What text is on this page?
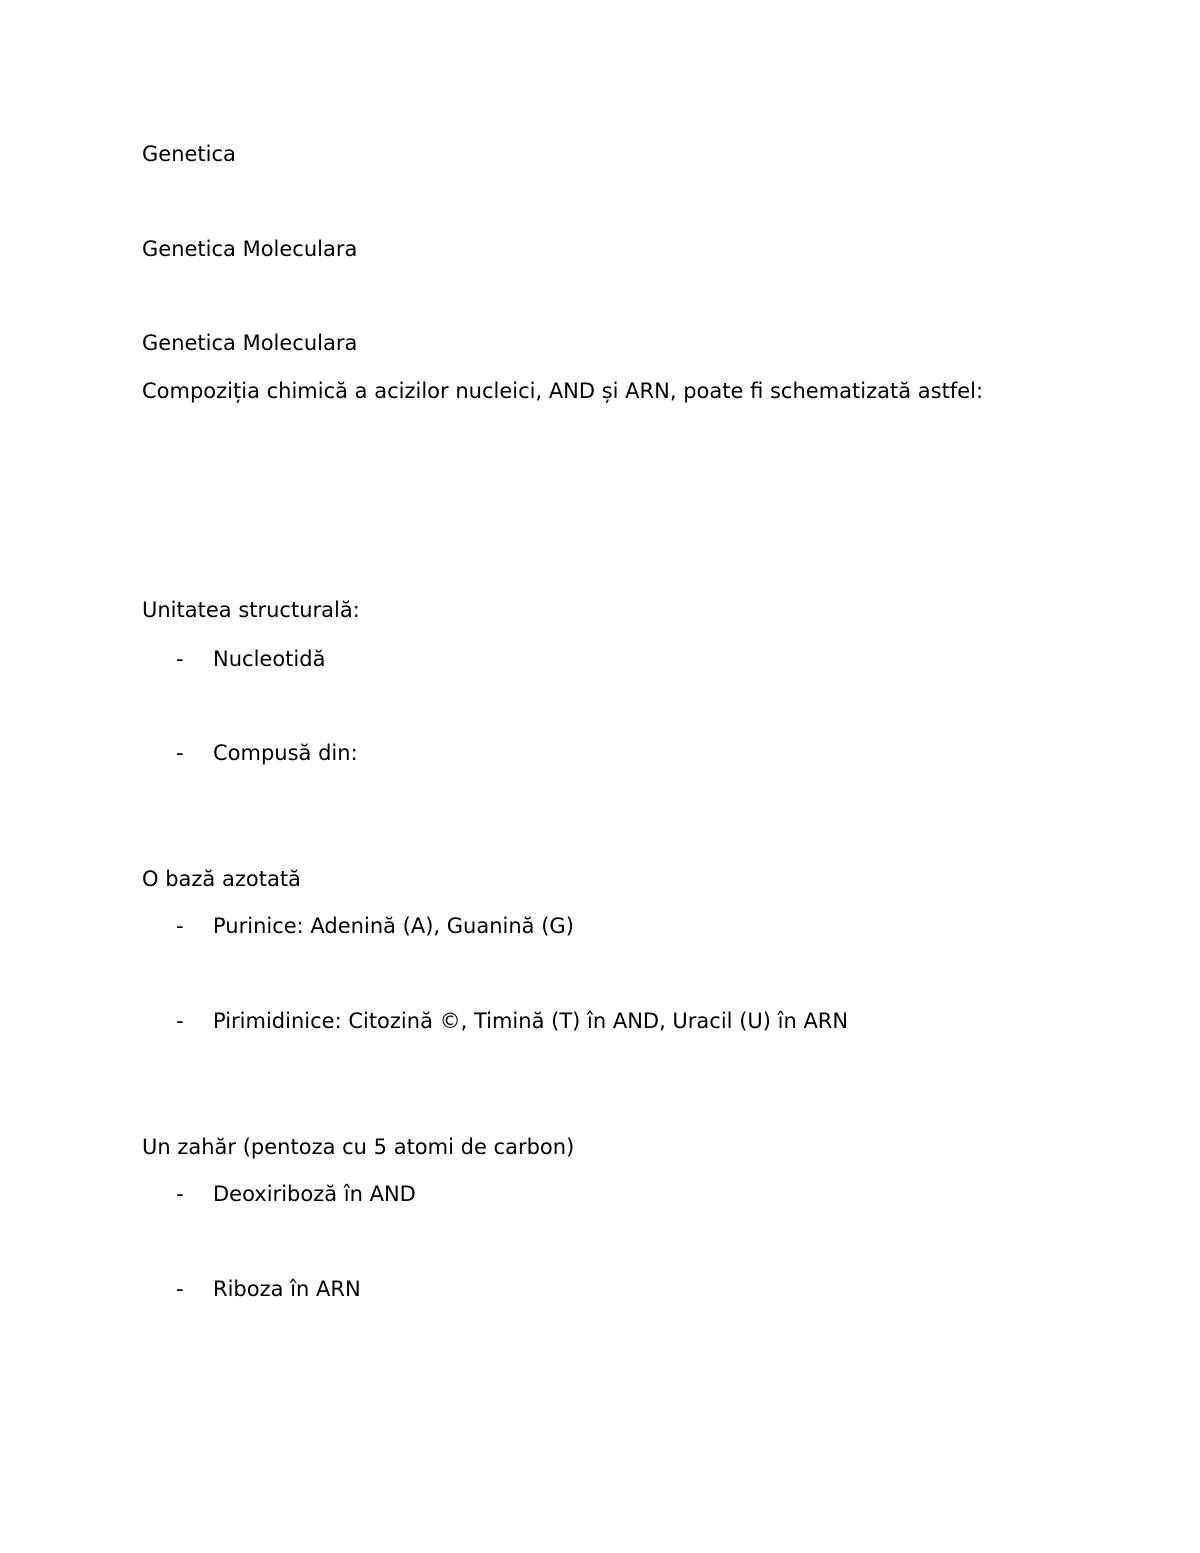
Genetica
Genetica Moleculara
Genetica Moleculara
Compoziția chimică a acizilor nucleici, AND și ARN, poate fi schematizată astfel:
Unitatea structurală:
- Nucleotidă
- Compusă din:
O bază azotată
- Purinice: Adenină (A), Guanină (G)
- Pirimidinice: Citozină ©, Timină (T) în AND, Uracil (U) în ARN
Un zahăr (pentoza cu 5 atomi de carbon)
- Deoxiriboză în AND
- Riboza în ARN
